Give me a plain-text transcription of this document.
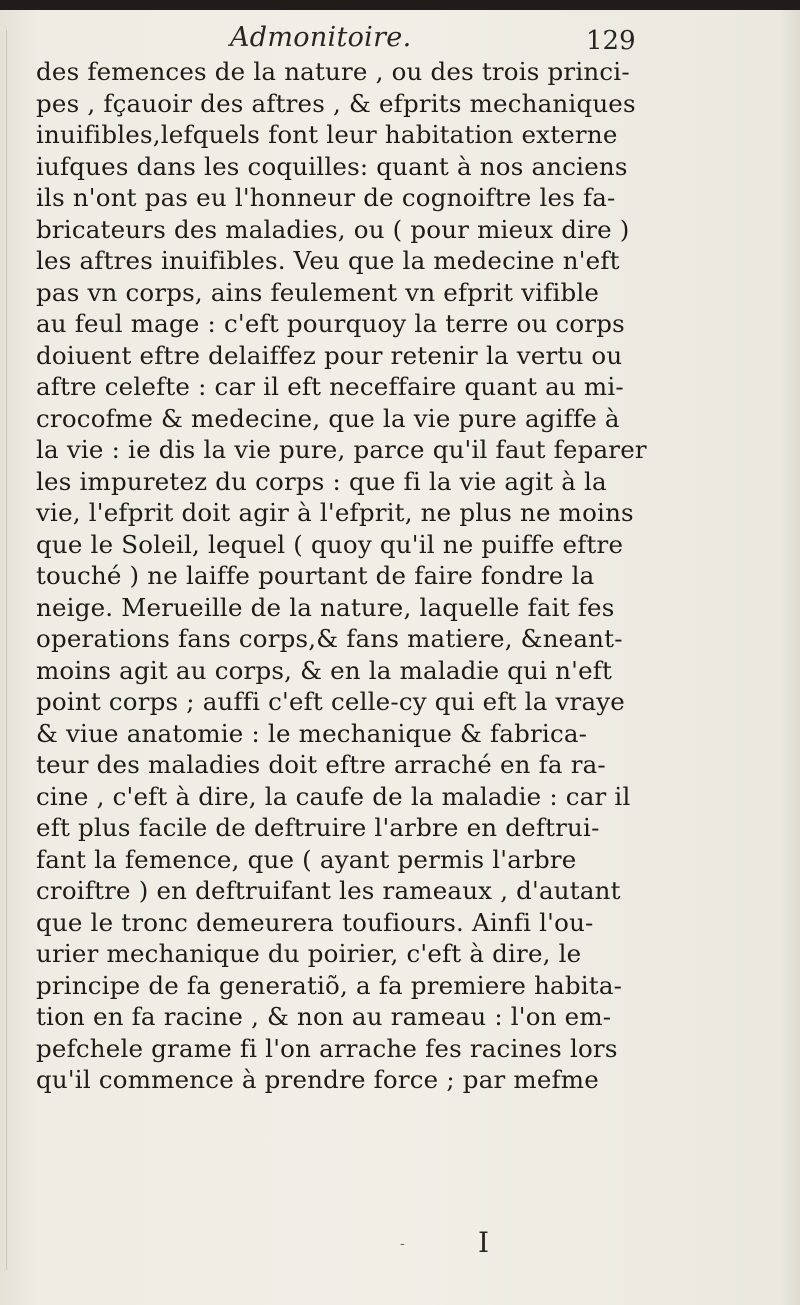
Admonitoire.	129
des femences de la nature , ou des trois princi-
pes , fçauoir des aftres , & efprits mechaniques
inuifibles,lefquels font leur habitation externe
iufques dans les coquilles: quant à nos anciens
ils n'ont pas eu l'honneur de cognoiftre les fa-
bricateurs des maladies, ou ( pour mieux dire )
les aftres inuifibles. Veu que la medecine n'eft
pas vn corps, ains feulement vn efprit vifible
au feul mage : c'eft pourquoy la terre ou corps
doiuent eftre delaiffez pour retenir la vertu ou
aftre celefte : car il eft neceffaire quant au mi-
crocofme & medecine, que la vie pure agiffe à
la vie : ie dis la vie pure, parce qu'il faut feparer
les impuretez du corps : que fi la vie agit à la
vie, l'efprit doit agir à l'efprit, ne plus ne moins
que le Soleil, lequel ( quoy qu'il ne puiffe eftre
touché ) ne laiffe pourtant de faire fondre la
neige. Merueille de la nature, laquelle fait fes
operations fans corps,& fans matiere, &neant-
moins agit au corps, & en la maladie qui n'eft
point corps ; auffi c'eft celle-cy qui eft la vraye
& viue anatomie : le mechanique & fabrica-
teur des maladies doit eftre arraché en fa ra-
cine , c'eft à dire, la caufe de la maladie : car il
eft plus facile de deftruire l'arbre en deftrui-
fant la femence, que ( ayant permis l'arbre
croiftre ) en deftruifant les rameaux , d'autant
que le tronc demeurera toufiours. Ainfi l'ou-
urier mechanique du poirier, c'eft à dire, le
principe de fa generatiõ, a fa premiere habita-
tion en fa racine , & non au rameau : l'on em-
pefchele grame fi l'on arrache fes racines lors
qu'il commence à prendre force ; par mefme
-	I
